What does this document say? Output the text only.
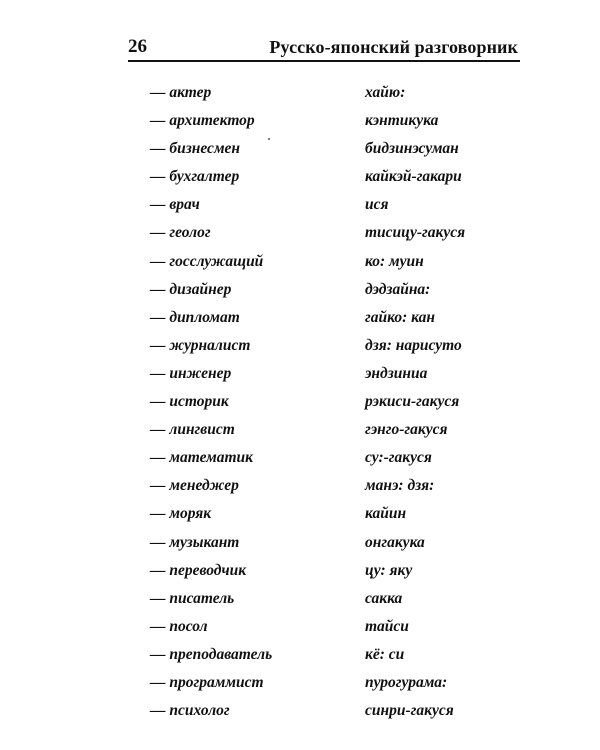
26	Русско-японский разговорник
— актер	хайю:
— архитектор	кэнтикука
— бизнесмен	бидзинэсуман
— бухгалтер	кайкэй-гакари
— врач	ися
— геолог	тисицу-гакуся
— госслужащий	ко: муин
— дизайнер	дэдзайна:
— дипломат	гайко: кан
— журналист	дзя: нарисуто
— инженер	эндзиниа
— историк	рэкиси-гакуся
— лингвист	гэнго-гакуся
— математик	су:-гакуся
— менеджер	манэ: дзя:
— моряк	кайин
— музыкант	онгакука
— переводчик	цу: яку
— писатель	сакка
— посол	тайси
— преподаватель	кё: си
— программист	пурогурама:
— психолог	синри-гакуся
